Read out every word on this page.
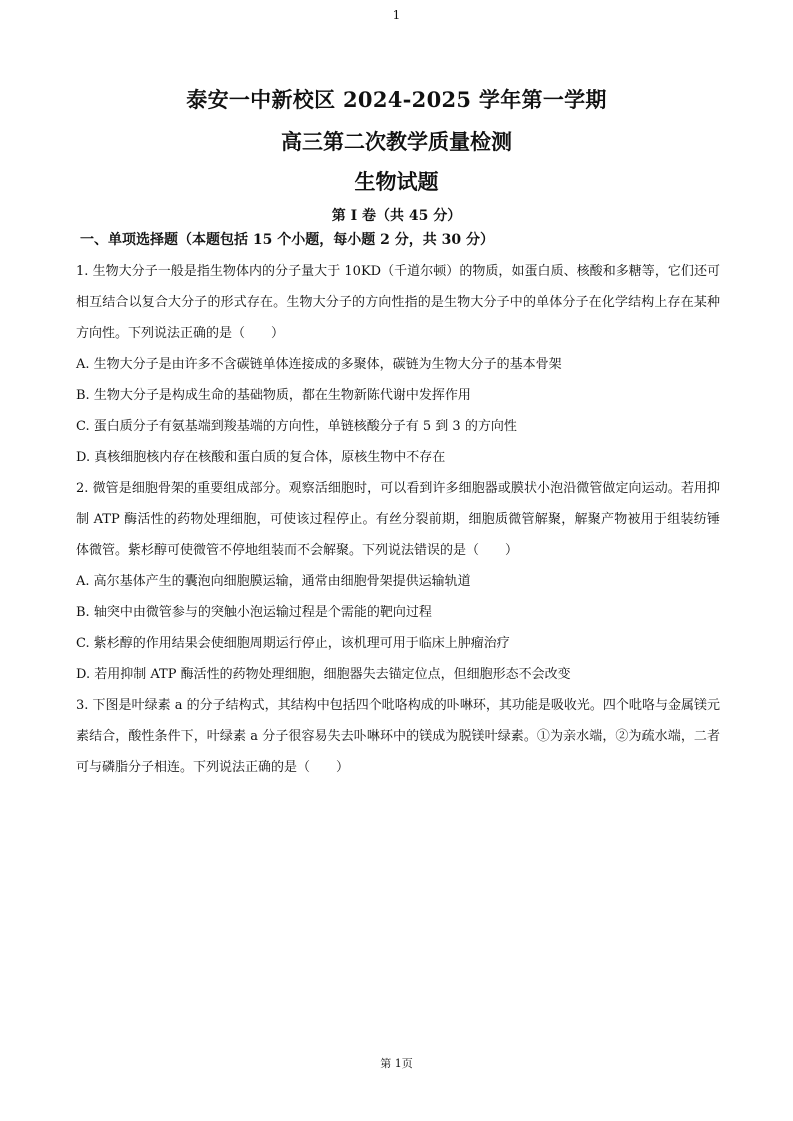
1
泰安一中新校区 2024-2025 学年第一学期
高三第二次教学质量检测
生物试题
第 I 卷（共 45 分）
一、单项选择题（本题包括 15 个小题，每小题 2 分，共 30 分）

1. 生物大分子一般是指生物体内的分子量大于 10KD（千道尔顿）的物质，如蛋白质、核酸和多糖等，它们还可相互结合以复合大分子的形式存在。生物大分子的方向性指的是生物大分子中的单体分子在化学结构上存在某种方向性。下列说法正确的是（　　）

A. 生物大分子是由许多不含碳链单体连接成的多聚体，碳链为生物大分子的基本骨架

B. 生物大分子是构成生命的基础物质，都在生物新陈代谢中发挥作用

C. 蛋白质分子有氨基端到羧基端的方向性，单链核酸分子有 5 到 3 的方向性

D. 真核细胞核内存在核酸和蛋白质的复合体，原核生物中不存在

2. 微管是细胞骨架的重要组成部分。观察活细胞时，可以看到许多细胞器或膜状小泡沿微管做定向运动。若用抑制 ATP 酶活性的药物处理细胞，可使该过程停止。有丝分裂前期，细胞质微管解聚，解聚产物被用于组装纺锤体微管。紫杉醇可使微管不停地组装而不会解聚。下列说法错误的是（　　）

A. 高尔基体产生的囊泡向细胞膜运输，通常由细胞骨架提供运输轨道

B. 轴突中由微管参与的突触小泡运输过程是个需能的靶向过程

C. 紫杉醇的作用结果会使细胞周期运行停止，该机理可用于临床上肿瘤治疗

D. 若用抑制 ATP 酶活性的药物处理细胞，细胞器失去锚定位点，但细胞形态不会改变

3. 下图是叶绿素 a 的分子结构式，其结构中包括四个吡咯构成的卟啉环，其功能是吸收光。四个吡咯与金属镁元素结合，酸性条件下，叶绿素 a 分子很容易失去卟啉环中的镁成为脱镁叶绿素。①为亲水端，②为疏水端，二者可与磷脂分子相连。下列说法正确的是（　　）

第 1页
